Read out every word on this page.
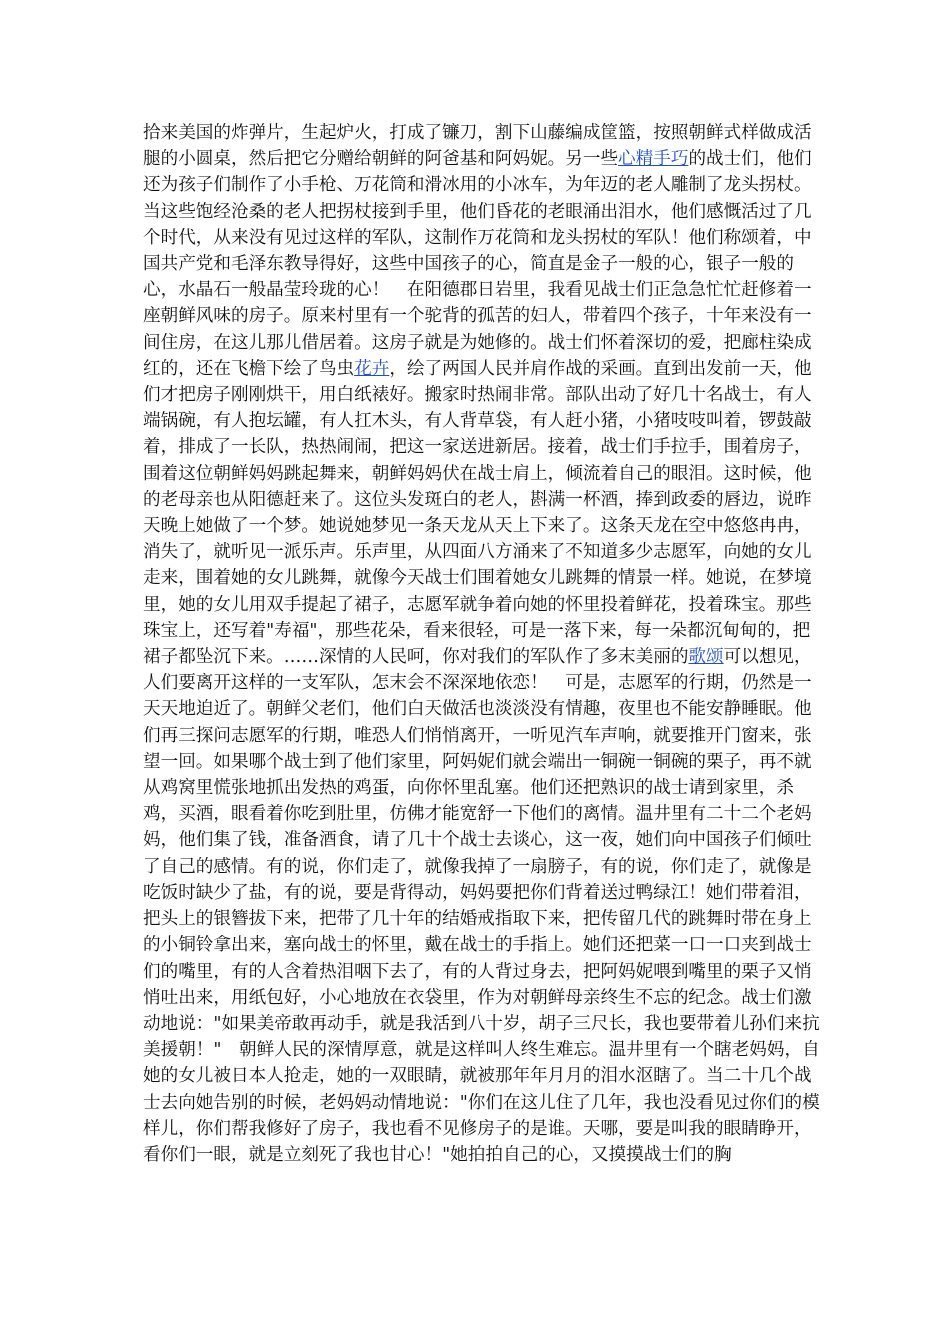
拾来美国的炸弹片，生起炉火，打成了镰刀，割下山藤编成筐篮，按照朝鲜式样做成活腿的小圆桌，然后把它分赠给朝鲜的阿爸基和阿妈妮。另一些心精手巧的战士们，他们还为孩子们制作了小手枪、万花筒和滑冰用的小冰车，为年迈的老人雕制了龙头拐杖。当这些饱经沧桑的老人把拐杖接到手里，他们昏花的老眼涌出泪水，他们感慨活过了几个时代，从来没有见过这样的军队，这制作万花筒和龙头拐杖的军队！他们称颂着，中国共产党和毛泽东教导得好，这些中国孩子的心，简直是金子一般的心，银子一般的心，水晶石一般晶莹玲珑的心！　在阳德郡日岩里，我看见战士们正急急忙忙赶修着一座朝鲜风味的房子。原来村里有一个驼背的孤苦的妇人，带着四个孩子，十年来没有一间住房，在这儿那儿借居着。这房子就是为她修的。战士们怀着深切的爱，把廊柱染成红的，还在飞檐下绘了鸟虫花卉，绘了两国人民并肩作战的采画。直到出发前一天，他们才把房子刚刚烘干，用白纸裱好。搬家时热闹非常。部队出动了好几十名战士，有人端锅碗，有人抱坛罐，有人扛木头，有人背草袋，有人赶小猪，小猪吱吱叫着，锣鼓敲着，排成了一长队，热热闹闹，把这一家送进新居。接着，战士们手拉手，围着房子，围着这位朝鲜妈妈跳起舞来，朝鲜妈妈伏在战士肩上，倾流着自己的眼泪。这时候，他的老母亲也从阳德赶来了。这位头发斑白的老人，斟满一杯酒，捧到政委的唇边，说昨天晚上她做了一个梦。她说她梦见一条天龙从天上下来了。这条天龙在空中悠悠冉冉，消失了，就听见一派乐声。乐声里，从四面八方涌来了不知道多少志愿军，向她的女儿走来，围着她的女儿跳舞，就像今天战士们围着她女儿跳舞的情景一样。她说，在梦境里，她的女儿用双手提起了裙子，志愿军就争着向她的怀里投着鲜花，投着珠宝。那些珠宝上，还写着"寿福"，那些花朵，看来很轻，可是一落下来，每一朵都沉甸甸的，把裙子都坠沉下来。……深情的人民呵，你对我们的军队作了多末美丽的歌颂可以想见，人们要离开这样的一支军队，怎末会不深深地依恋！　可是，志愿军的行期，仍然是一天天地迫近了。朝鲜父老们，他们白天做活也淡淡没有情趣，夜里也不能安静睡眠。他们再三探问志愿军的行期，唯恐人们悄悄离开，一听见汽车声响，就要推开门窗来，张望一回。如果哪个战士到了他们家里，阿妈妮们就会端出一铜碗一铜碗的栗子，再不就从鸡窝里慌张地抓出发热的鸡蛋，向你怀里乱塞。他们还把熟识的战士请到家里，杀鸡，买酒，眼看着你吃到肚里，仿佛才能宽舒一下他们的离情。温井里有二十二个老妈妈，他们集了钱，准备酒食，请了几十个战士去谈心，这一夜，她们向中国孩子们倾吐了自己的感情。有的说，你们走了，就像我掉了一扇膀子，有的说，你们走了，就像是吃饭时缺少了盐，有的说，要是背得动，妈妈要把你们背着送过鸭绿江！她们带着泪，把头上的银簪拔下来，把带了几十年的结婚戒指取下来，把传留几代的跳舞时带在身上的小铜铃拿出来，塞向战士的怀里，戴在战士的手指上。她们还把菜一口一口夹到战士们的嘴里，有的人含着热泪咽下去了，有的人背过身去，把阿妈妮喂到嘴里的栗子又悄悄吐出来，用纸包好，小心地放在衣袋里，作为对朝鲜母亲终生不忘的纪念。战士们激动地说："如果美帝敢再动手，就是我活到八十岁，胡子三尺长，我也要带着儿孙们来抗美援朝！"　朝鲜人民的深情厚意，就是这样叫人终生难忘。温井里有一个瞎老妈妈，自她的女儿被日本人抢走，她的一双眼睛，就被那年年月月的泪水沤瞎了。当二十几个战士去向她告别的时候，老妈妈动情地说："你们在这儿住了几年，我也没看见过你们的模样儿，你们帮我修好了房子，我也看不见修房子的是谁。天哪，要是叫我的眼睛睁开，看你们一眼，就是立刻死了我也甘心！"她拍拍自己的心，又摸摸战士们的胸
